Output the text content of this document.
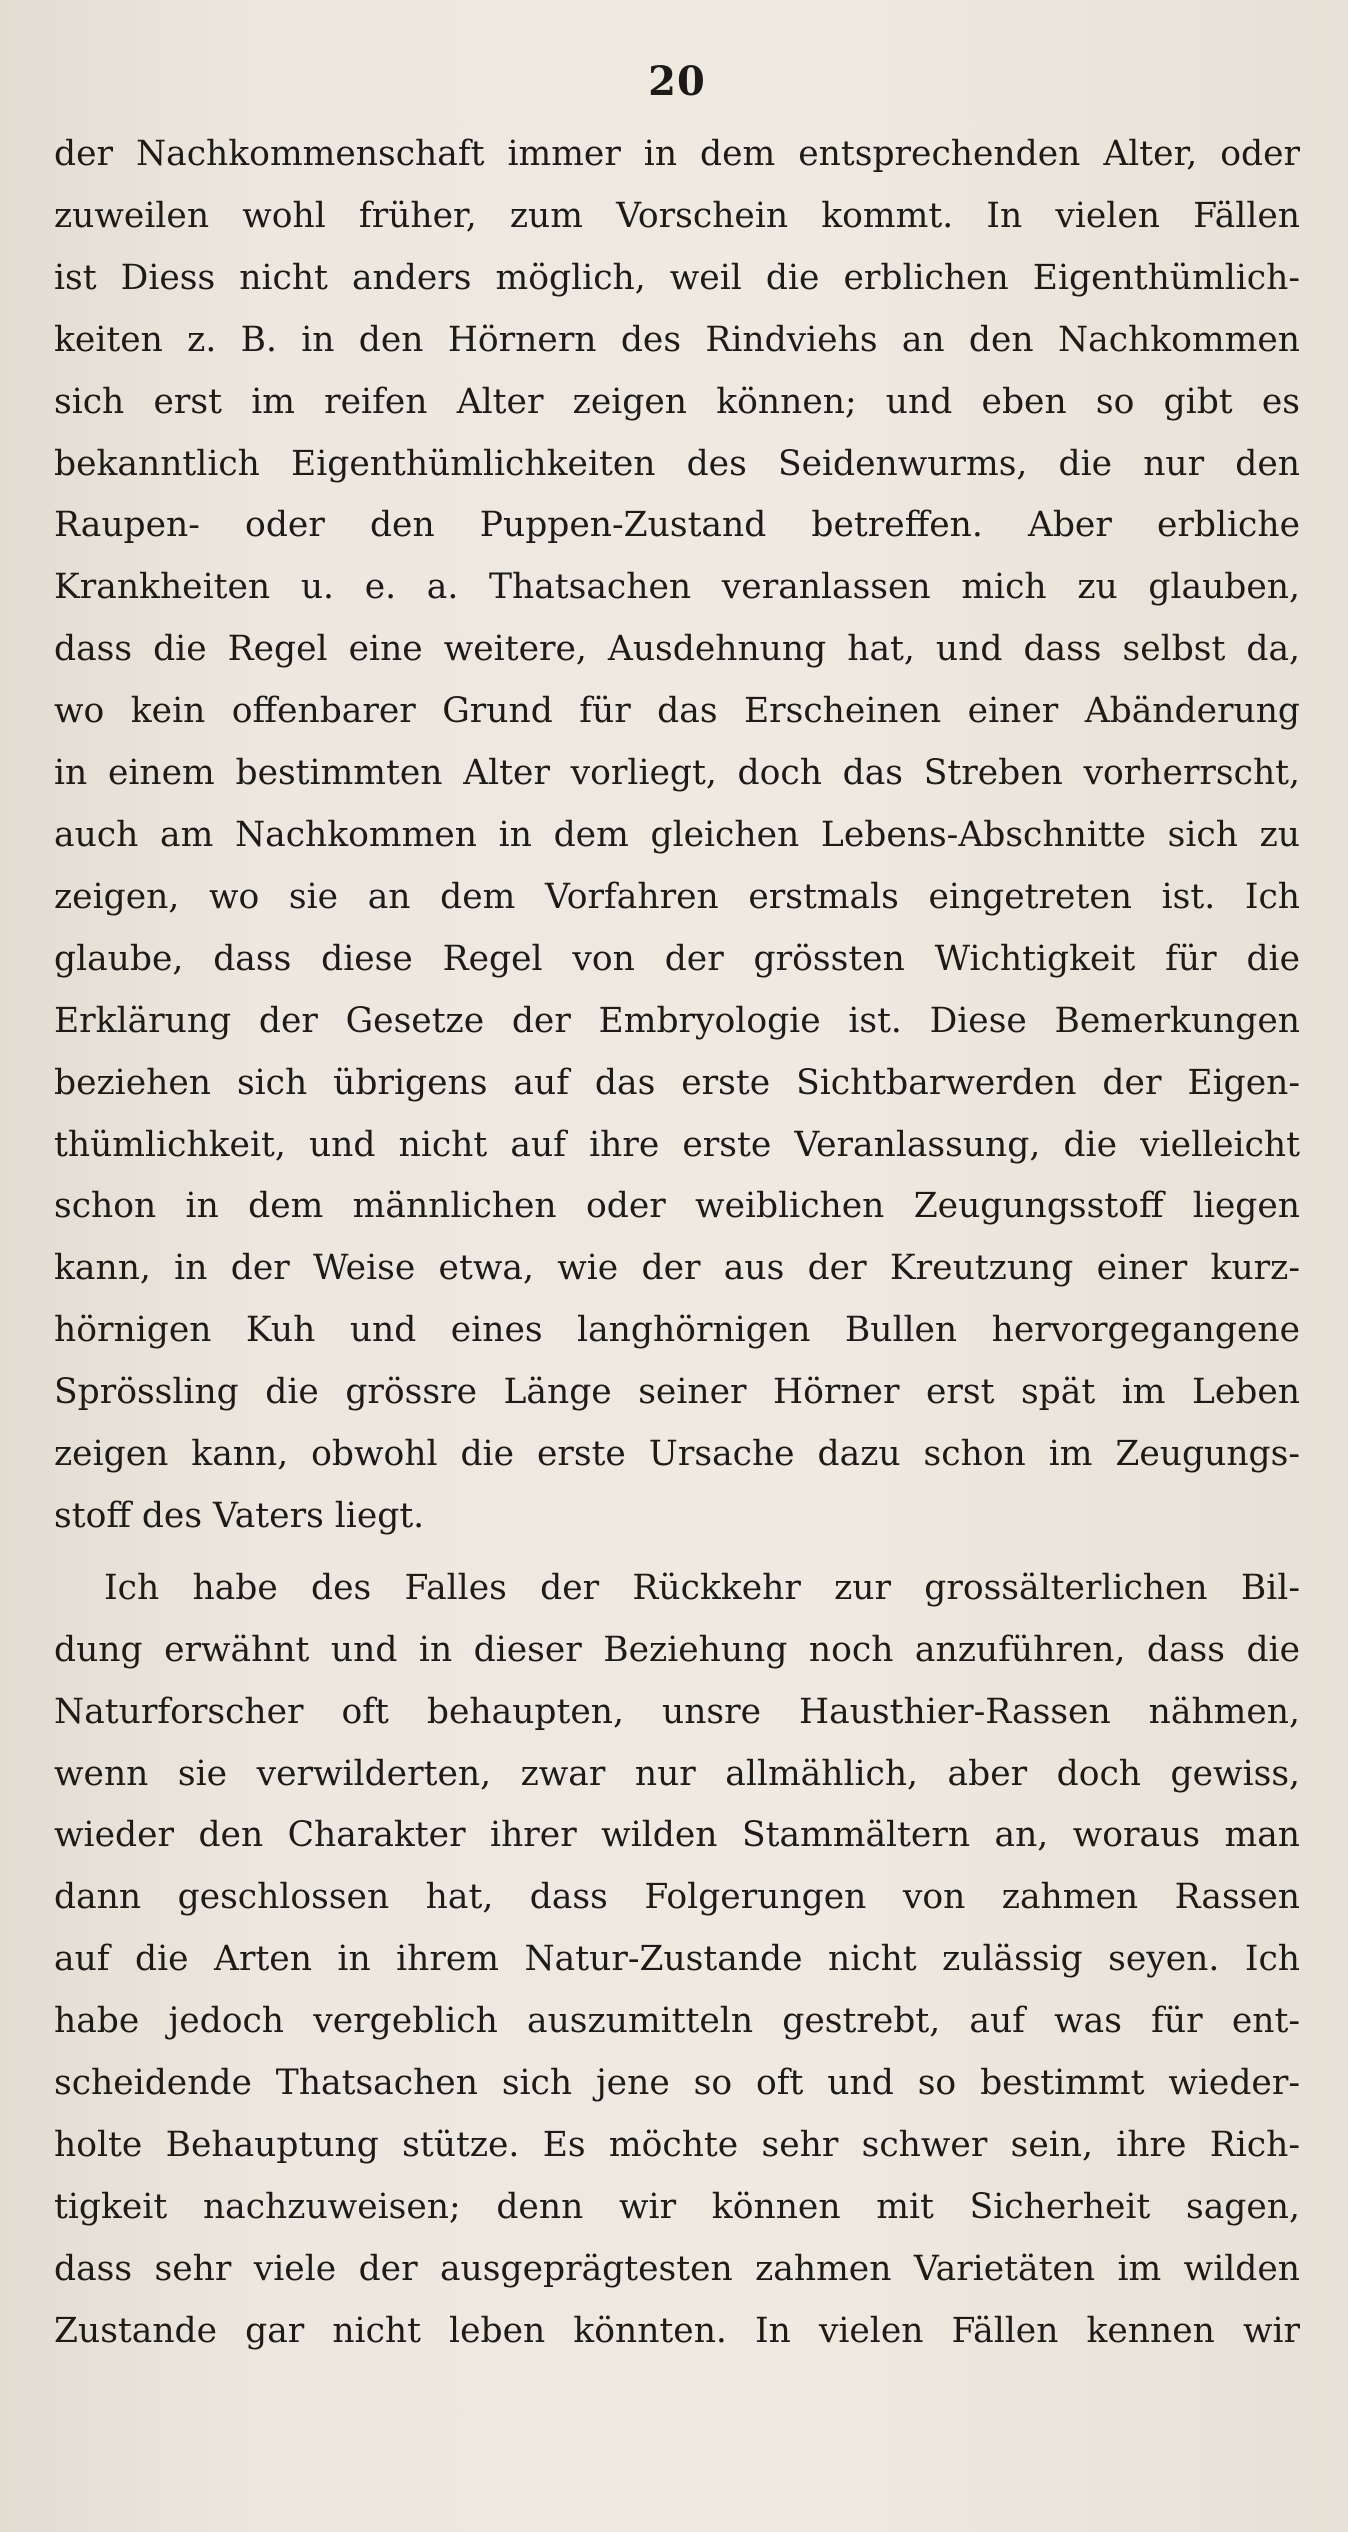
20
der Nachkommenschaft immer in dem entsprechenden Alter, oder
zuweilen wohl früher, zum Vorschein kommt. In vielen Fällen
ist Diess nicht anders möglich, weil die erblichen Eigenthümlich-
keiten z. B. in den Hörnern des Rindviehs an den Nachkommen
sich erst im reifen Alter zeigen können; und eben so gibt es
bekanntlich Eigenthümlichkeiten des Seidenwurms, die nur den
Raupen- oder den Puppen-Zustand betreffen. Aber erbliche
Krankheiten u. e. a. Thatsachen veranlassen mich zu glauben,
dass die Regel eine weitere, Ausdehnung hat, und dass selbst da,
wo kein offenbarer Grund für das Erscheinen einer Abänderung
in einem bestimmten Alter vorliegt, doch das Streben vorherrscht,
auch am Nachkommen in dem gleichen Lebens-Abschnitte sich zu
zeigen, wo sie an dem Vorfahren erstmals eingetreten ist. Ich
glaube, dass diese Regel von der grössten Wichtigkeit für die
Erklärung der Gesetze der Embryologie ist. Diese Bemerkungen
beziehen sich übrigens auf das erste Sichtbarwerden der Eigen-
thümlichkeit, und nicht auf ihre erste Veranlassung, die vielleicht
schon in dem männlichen oder weiblichen Zeugungsstoff liegen
kann, in der Weise etwa, wie der aus der Kreutzung einer kurz-
hörnigen Kuh und eines langhörnigen Bullen hervorgegangene
Sprössling die grössre Länge seiner Hörner erst spät im Leben
zeigen kann, obwohl die erste Ursache dazu schon im Zeugungs-
stoff des Vaters liegt.
Ich habe des Falles der Rückkehr zur grossälterlichen Bil-
dung erwähnt und in dieser Beziehung noch anzuführen, dass die
Naturforscher oft behaupten, unsre Hausthier-Rassen nähmen,
wenn sie verwilderten, zwar nur allmählich, aber doch gewiss,
wieder den Charakter ihrer wilden Stammältern an, woraus man
dann geschlossen hat, dass Folgerungen von zahmen Rassen
auf die Arten in ihrem Natur-Zustande nicht zulässig seyen. Ich
habe jedoch vergeblich auszumitteln gestrebt, auf was für ent-
scheidende Thatsachen sich jene so oft und so bestimmt wieder-
holte Behauptung stütze. Es möchte sehr schwer sein, ihre Rich-
tigkeit nachzuweisen; denn wir können mit Sicherheit sagen,
dass sehr viele der ausgeprägtesten zahmen Varietäten im wilden
Zustande gar nicht leben könnten. In vielen Fällen kennen wir
